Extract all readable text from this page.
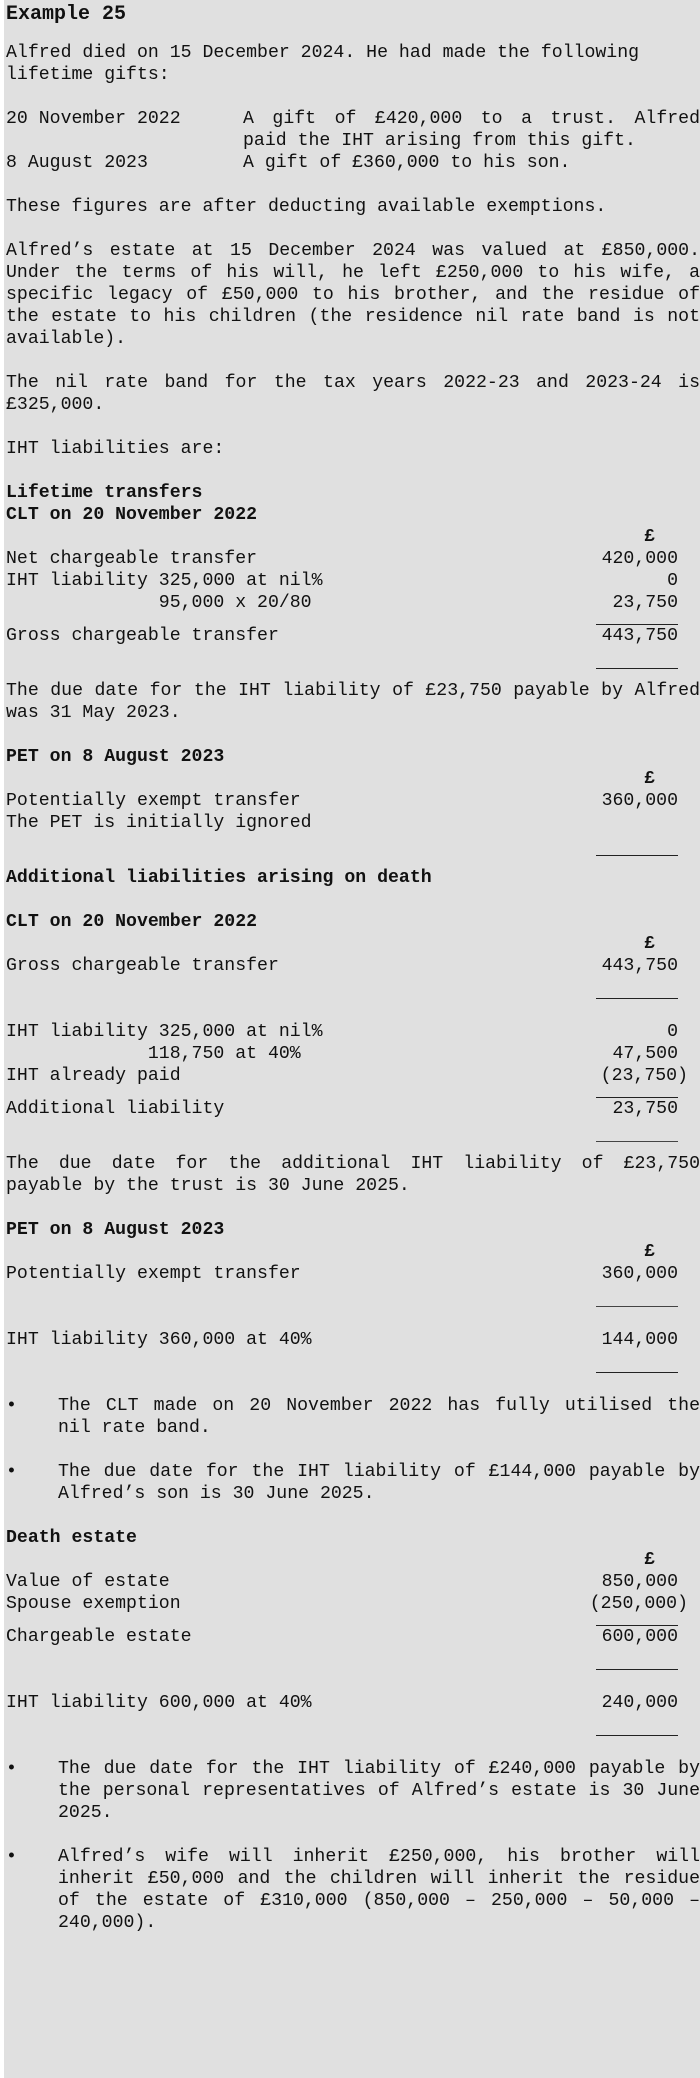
Example 25

Alfred died on 15 December 2024. He had made the following lifetime gifts:

20 November 2022	A gift of £420,000 to a trust. Alfred paid the IHT arising from this gift.
8 August 2023	A gift of £360,000 to his son.

These figures are after deducting available exemptions.

Alfred’s estate at 15 December 2024 was valued at £850,000. Under the terms of his will, he left £250,000 to his wife, a specific legacy of £50,000 to his brother, and the residue of the estate to his children (the residence nil rate band is not available).

The nil rate band for the tax years 2022-23 and 2023-24 is £325,000.

IHT liabilities are:

Lifetime transfers

CLT on 20 November 2022

£
Net chargeable transfer	420,000
IHT liability 325,000 at nil%	0
95,000 x 20/80	23,750
Gross chargeable transfer	443,750

The due date for the IHT liability of £23,750 payable by Alfred was 31 May 2023.

PET on 8 August 2023

£
Potentially exempt transfer	360,000

The PET is initially ignored

Additional liabilities arising on death

CLT on 20 November 2022

£
Gross chargeable transfer	443,750
IHT liability 325,000 at nil%	0
118,750 at 40%	47,500
IHT already paid	(23,750)
Additional liability	23,750

The due date for the additional IHT liability of £23,750 payable by the trust is 30 June 2025.

PET on 8 August 2023

£
Potentially exempt transfer	360,000
IHT liability 360,000 at 40%	144,000
•	The CLT made on 20 November 2022 has fully utilised the nil rate band.
•	The due date for the IHT liability of £144,000 payable by Alfred’s son is 30 June 2025.

Death estate

£
Value of estate	850,000
Spouse exemption	(250,000)
Chargeable estate	600,000
IHT liability 600,000 at 40%	240,000
•	The due date for the IHT liability of £240,000 payable by the personal representatives of Alfred’s estate is 30 June 2025.
•	Alfred’s wife will inherit £250,000, his brother will inherit £50,000 and the children will inherit the residue of the estate of £310,000 (850,000 – 250,000 – 50,000 – 240,000).
